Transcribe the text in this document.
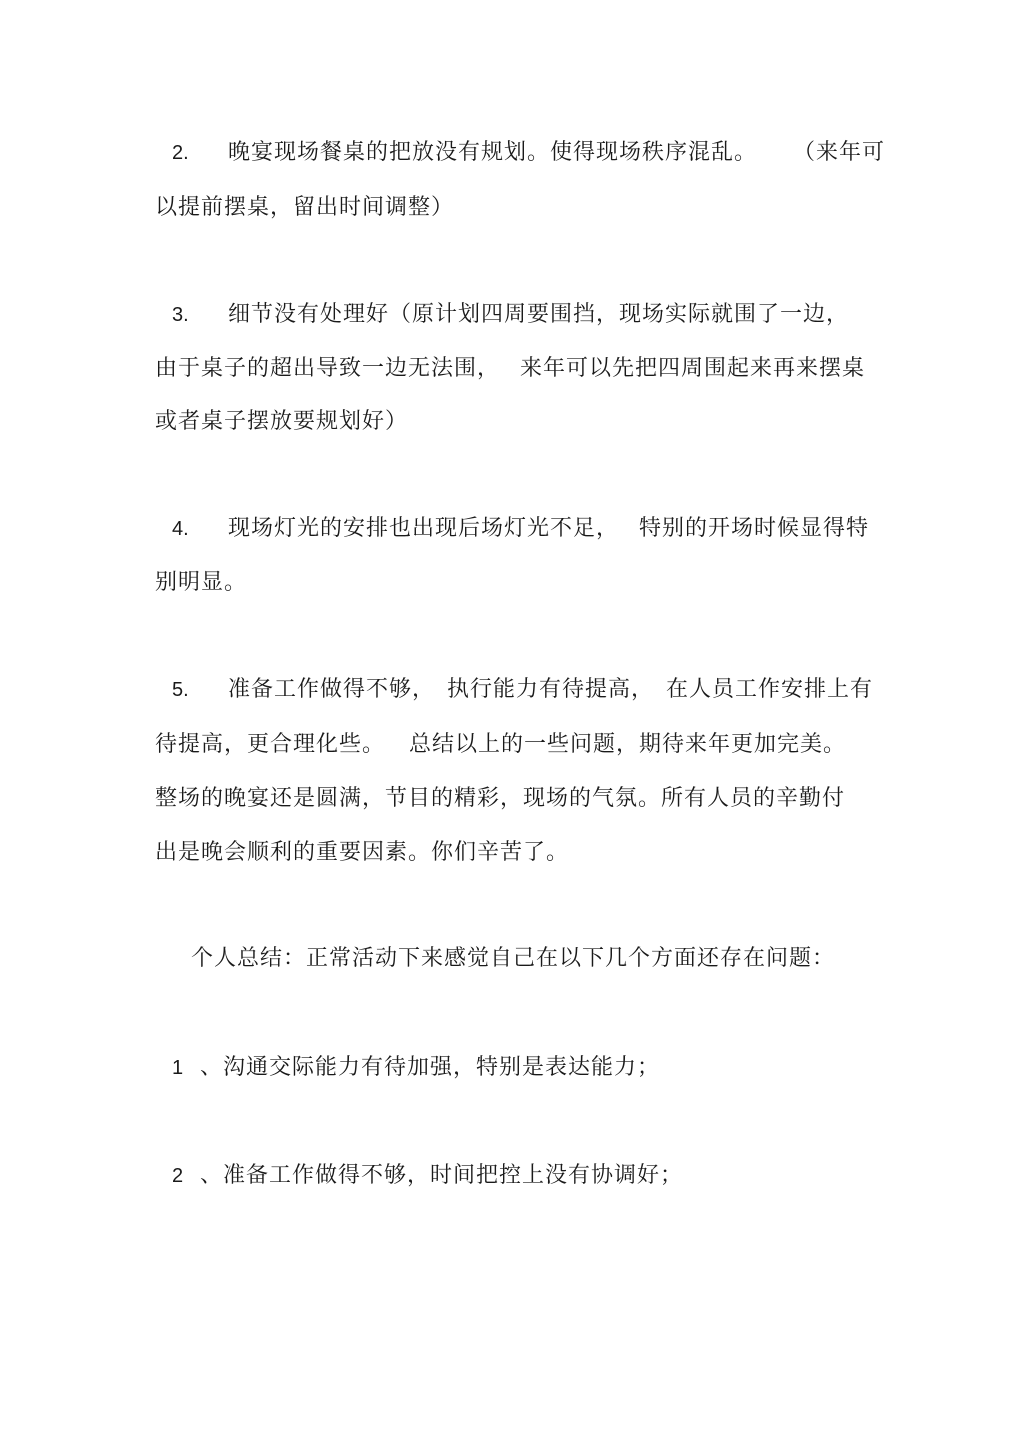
2. 晚宴现场餐桌的把放没有规划。使得现场秩序混乱。 （来年可
以提前摆桌，留出时间调整）
3. 细节没有处理好（原计划四周要围挡，现场实际就围了一边，
由于桌子的超出导致一边无法围， 来年可以先把四周围起来再来摆桌
或者桌子摆放要规划好）
4. 现场灯光的安排也出现后场灯光不足， 特别的开场时候显得特
别明显。
5. 准备工作做得不够， 执行能力有待提高， 在人员工作安排上有
待提高，更合理化些。 总结以上的一些问题，期待来年更加完美。
整场的晚宴还是圆满，节目的精彩，现场的气氛。所有人员的辛勤付
出是晚会顺利的重要因素。你们辛苦了。
个人总结：正常活动下来感觉自己在以下几个方面还存在问题：
1 、沟通交际能力有待加强，特别是表达能力；
2 、准备工作做得不够，时间把控上没有协调好；
